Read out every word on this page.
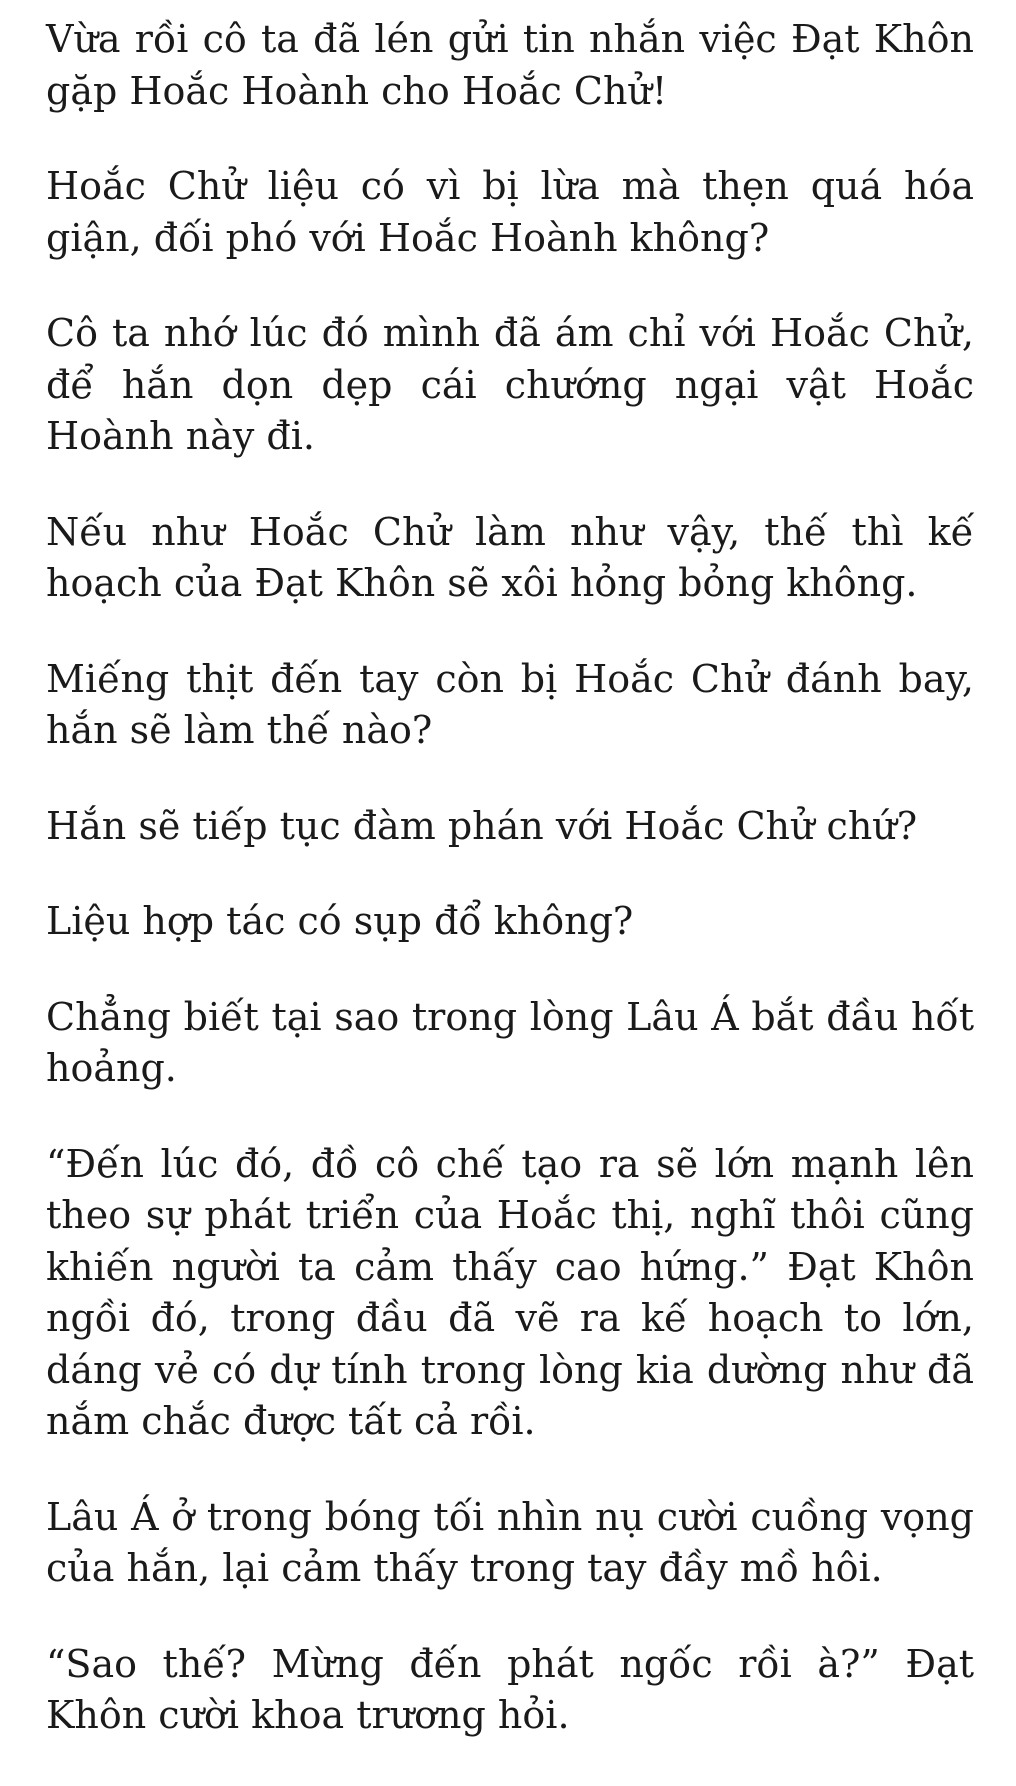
Vừa rồi cô ta đã lén gửi tin nhắn việc Đạt Khôn gặp Hoắc Hoành cho Hoắc Chử!

Hoắc Chử liệu có vì bị lừa mà thẹn quá hóa giận, đối phó với Hoắc Hoành không?

Cô ta nhớ lúc đó mình đã ám chỉ với Hoắc Chử, để hắn dọn dẹp cái chướng ngại vật Hoắc Hoành này đi.

Nếu như Hoắc Chử làm như vậy, thế thì kế hoạch của Đạt Khôn sẽ xôi hỏng bỏng không.

Miếng thịt đến tay còn bị Hoắc Chử đánh bay, hắn sẽ làm thế nào?

Hắn sẽ tiếp tục đàm phán với Hoắc Chử chứ?

Liệu hợp tác có sụp đổ không?

Chẳng biết tại sao trong lòng Lâu Á bắt đầu hốt hoảng.

“Đến lúc đó, đồ cô chế tạo ra sẽ lớn mạnh lên theo sự phát triển của Hoắc thị, nghĩ thôi cũng khiến người ta cảm thấy cao hứng.” Đạt Khôn ngồi đó, trong đầu đã vẽ ra kế hoạch to lớn, dáng vẻ có dự tính trong lòng kia dường như đã nắm chắc được tất cả rồi.

Lâu Á ở trong bóng tối nhìn nụ cười cuồng vọng của hắn, lại cảm thấy trong tay đầy mồ hôi.

“Sao thế? Mừng đến phát ngốc rồi à?” Đạt Khôn cười khoa trương hỏi.
